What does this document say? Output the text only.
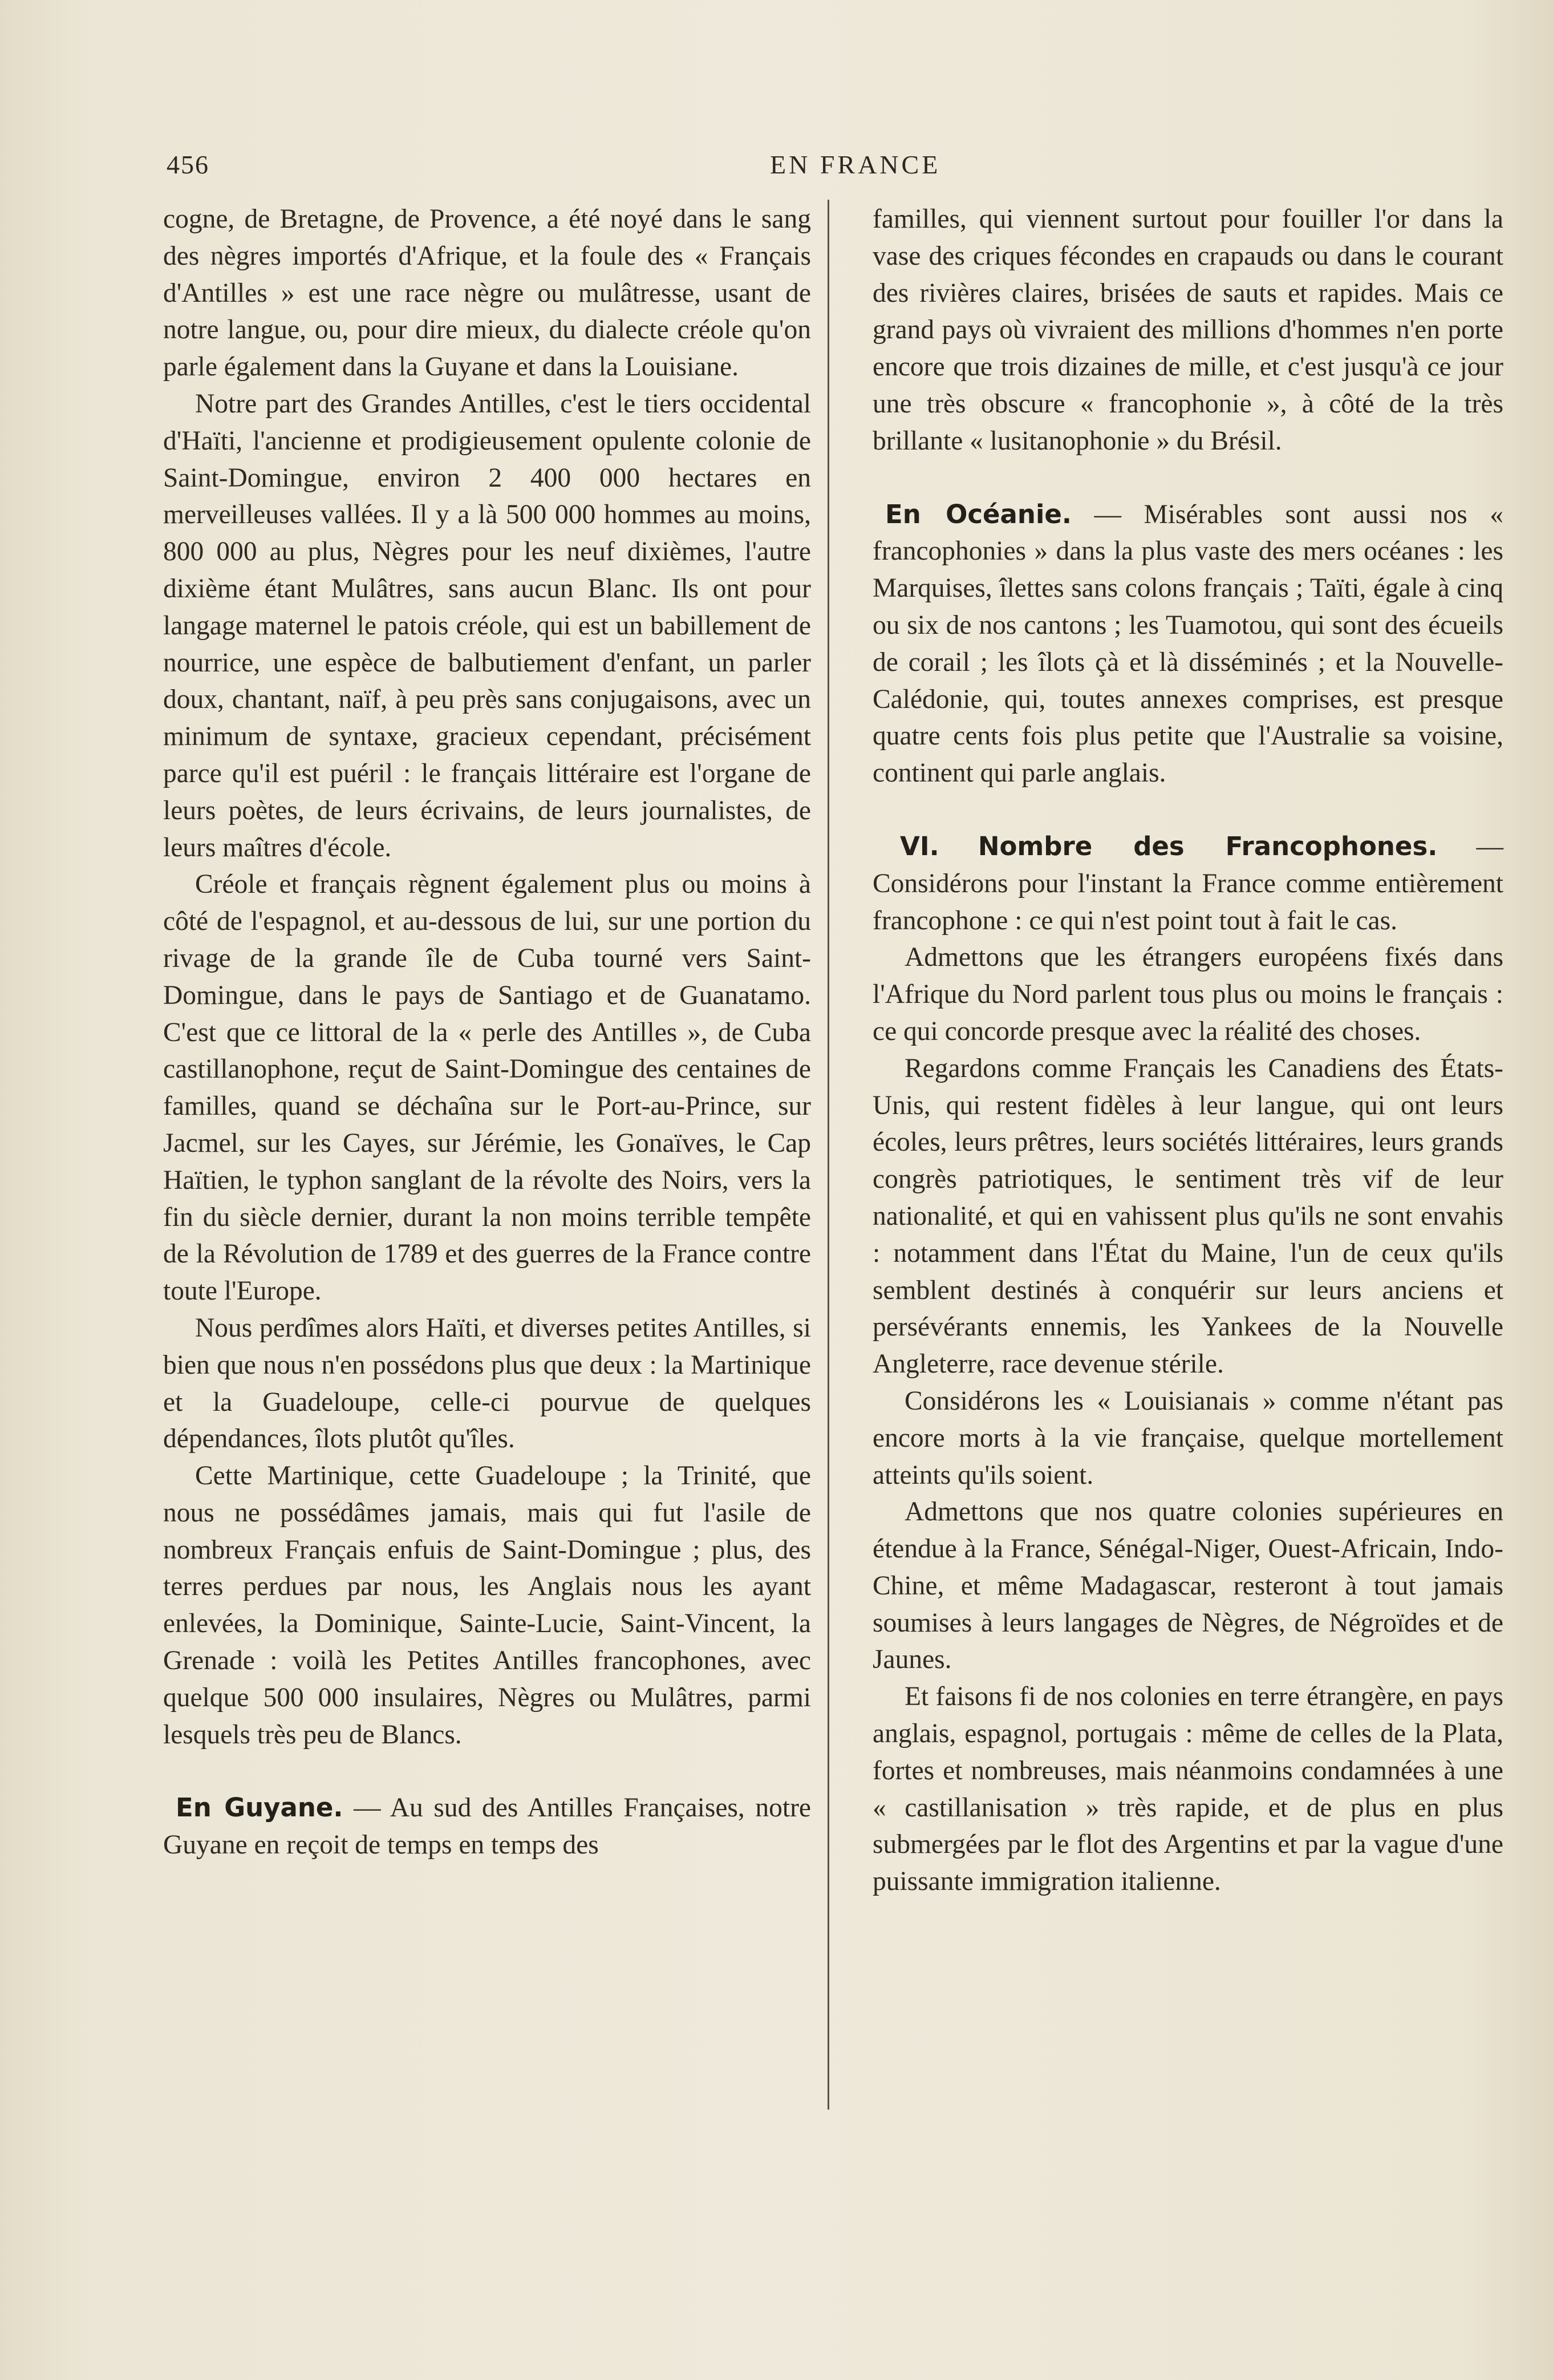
456	EN FRANCE

cogne, de Bretagne, de Provence, a été noyé dans le sang des nègres importés d'Afrique, et la foule des « Français d'Antilles » est une race nègre ou mulâtresse, usant de notre langue, ou, pour dire mieux, du dialecte créole qu'on parle également dans la Guyane et dans la Louisiane.

Notre part des Grandes Antilles, c'est le tiers occidental d'Haïti, l'ancienne et prodigieusement opulente colonie de Saint-Domingue, environ 2 400 000 hectares en merveilleuses vallées. Il y a là 500 000 hommes au moins, 800 000 au plus, Nègres pour les neuf dixièmes, l'autre dixième étant Mulâtres, sans aucun Blanc. Ils ont pour langage maternel le patois créole, qui est un babillement de nourrice, une espèce de balbutiement d'enfant, un parler doux, chantant, naïf, à peu près sans conjugaisons, avec un minimum de syntaxe, gracieux cependant, précisément parce qu'il est puéril : le français littéraire est l'organe de leurs poètes, de leurs écrivains, de leurs journalistes, de leurs maîtres d'école.

Créole et français règnent également plus ou moins à côté de l'espagnol, et au-dessous de lui, sur une portion du rivage de la grande île de Cuba tourné vers Saint-Domingue, dans le pays de Santiago et de Guanatamo. C'est que ce littoral de la « perle des Antilles », de Cuba castillanophone, reçut de Saint-Domingue des centaines de familles, quand se déchaîna sur le Port-au-Prince, sur Jacmel, sur les Cayes, sur Jérémie, les Gonaïves, le Cap Haïtien, le typhon sanglant de la révolte des Noirs, vers la fin du siècle dernier, durant la non moins terrible tempête de la Révolution de 1789 et des guerres de la France contre toute l'Europe.

Nous perdîmes alors Haïti, et diverses petites Antilles, si bien que nous n'en possédons plus que deux : la Martinique et la Guadeloupe, celle-ci pourvue de quelques dépendances, îlots plutôt qu'îles.

Cette Martinique, cette Guadeloupe ; la Trinité, que nous ne possédâmes jamais, mais qui fut l'asile de nombreux Français enfuis de Saint-Domingue ; plus, des terres perdues par nous, les Anglais nous les ayant enlevées, la Dominique, Sainte-Lucie, Saint-Vincent, la Grenade : voilà les Petites Antilles francophones, avec quelque 500 000 insulaires, Nègres ou Mulâtres, parmi lesquels très peu de Blancs.

En Guyane. — Au sud des Antilles Françaises, notre Guyane en reçoit de temps en temps des

familles, qui viennent surtout pour fouiller l'or dans la vase des criques fécondes en crapauds ou dans le courant des rivières claires, brisées de sauts et rapides. Mais ce grand pays où vivraient des millions d'hommes n'en porte encore que trois dizaines de mille, et c'est jusqu'à ce jour une très obscure « francophonie », à côté de la très brillante « lusitanophonie » du Brésil.

En Océanie. — Misérables sont aussi nos « francophonies » dans la plus vaste des mers océanes : les Marquises, îlettes sans colons français ; Taïti, égale à cinq ou six de nos cantons ; les Tuamotou, qui sont des écueils de corail ; les îlots çà et là disséminés ; et la Nouvelle-Calédonie, qui, toutes annexes comprises, est presque quatre cents fois plus petite que l'Australie sa voisine, continent qui parle anglais.

VI. Nombre des Francophones. — Considérons pour l'instant la France comme entièrement francophone : ce qui n'est point tout à fait le cas.

Admettons que les étrangers européens fixés dans l'Afrique du Nord parlent tous plus ou moins le français : ce qui concorde presque avec la réalité des choses.

Regardons comme Français les Canadiens des États-Unis, qui restent fidèles à leur langue, qui ont leurs écoles, leurs prêtres, leurs sociétés littéraires, leurs grands congrès patriotiques, le sentiment très vif de leur nationalité, et qui en vahissent plus qu'ils ne sont envahis : notamment dans l'État du Maine, l'un de ceux qu'ils semblent destinés à conquérir sur leurs anciens et persévérants ennemis, les Yankees de la Nouvelle Angleterre, race devenue stérile.

Considérons les « Louisianais » comme n'étant pas encore morts à la vie française, quelque mortellement atteints qu'ils soient.

Admettons que nos quatre colonies supérieures en étendue à la France, Sénégal-Niger, Ouest-Africain, Indo-Chine, et même Madagascar, resteront à tout jamais soumises à leurs langages de Nègres, de Négroïdes et de Jaunes.

Et faisons fi de nos colonies en terre étrangère, en pays anglais, espagnol, portugais : même de celles de la Plata, fortes et nombreuses, mais néanmoins condamnées à une « castillanisation » très rapide, et de plus en plus submergées par le flot des Argentins et par la vague d'une puissante immigration italienne.
